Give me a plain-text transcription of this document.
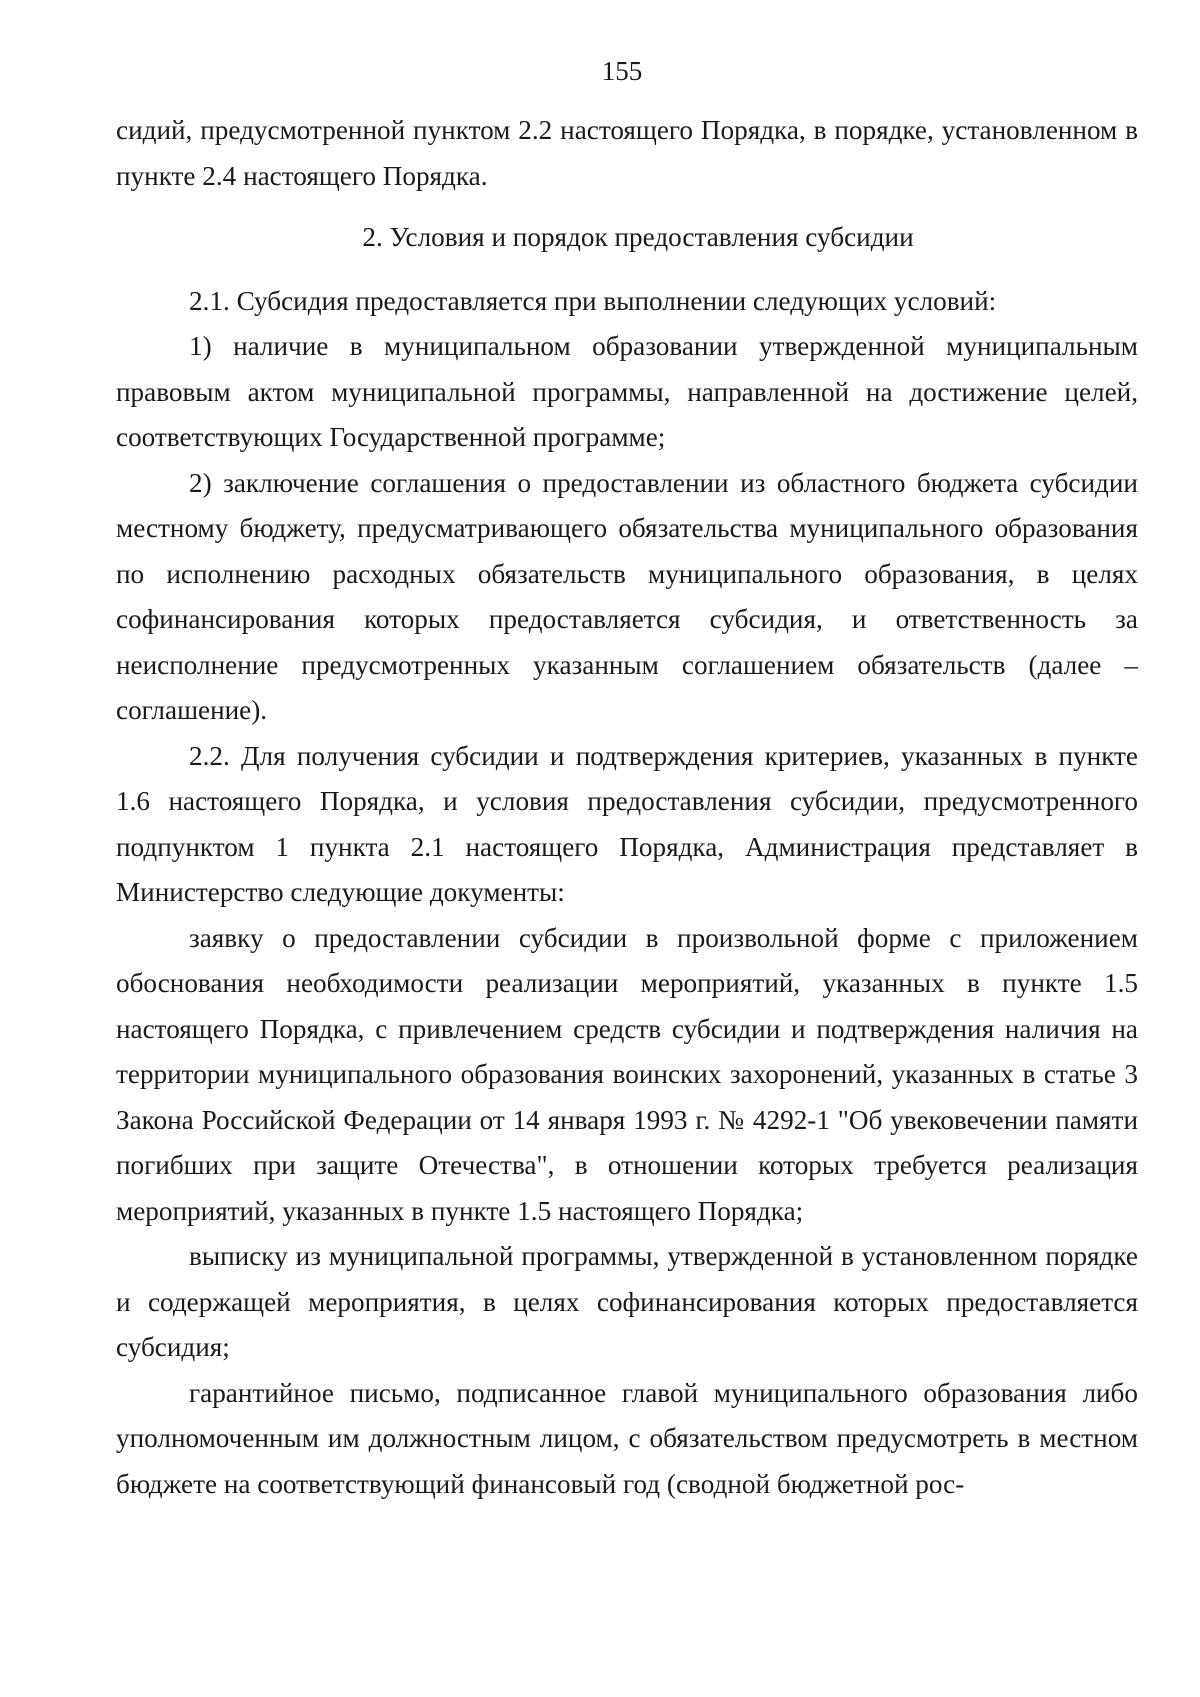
155

сидий, предусмотренной пунктом 2.2 настоящего Порядка, в порядке, установленном в пункте 2.4 настоящего Порядка.

2. Условия и порядок предоставления субсидии

2.1. Субсидия предоставляется при выполнении следующих условий:

1) наличие в муниципальном образовании утвержденной муниципальным правовым актом муниципальной программы, направленной на достижение целей, соответствующих Государственной программе;

2) заключение соглашения о предоставлении из областного бюджета субсидии местному бюджету, предусматривающего обязательства муниципального образования по исполнению расходных обязательств муниципального образования, в целях софинансирования которых предоставляется субсидия, и ответственность за неисполнение предусмотренных указанным соглашением обязательств (далее – соглашение).

2.2. Для получения субсидии и подтверждения критериев, указанных в пункте 1.6 настоящего Порядка, и условия предоставления субсидии, предусмотренного подпунктом 1 пункта 2.1 настоящего Порядка, Администрация представляет в Министерство следующие документы:

заявку о предоставлении субсидии в произвольной форме с приложением обоснования необходимости реализации мероприятий, указанных в пункте 1.5 настоящего Порядка, с привлечением средств субсидии и подтверждения наличия на территории муниципального образования воинских захоронений, указанных в статье 3 Закона Российской Федерации от 14 января 1993 г. № 4292-1 "Об увековечении памяти погибших при защите Отечества", в отношении которых требуется реализация мероприятий, указанных в пункте 1.5 настоящего Порядка;

выписку из муниципальной программы, утвержденной в установленном порядке и содержащей мероприятия, в целях софинансирования которых предоставляется субсидия;

гарантийное письмо, подписанное главой муниципального образования либо уполномоченным им должностным лицом, с обязательством предусмотреть в местном бюджете на соответствующий финансовый год (сводной бюджетной рос-
